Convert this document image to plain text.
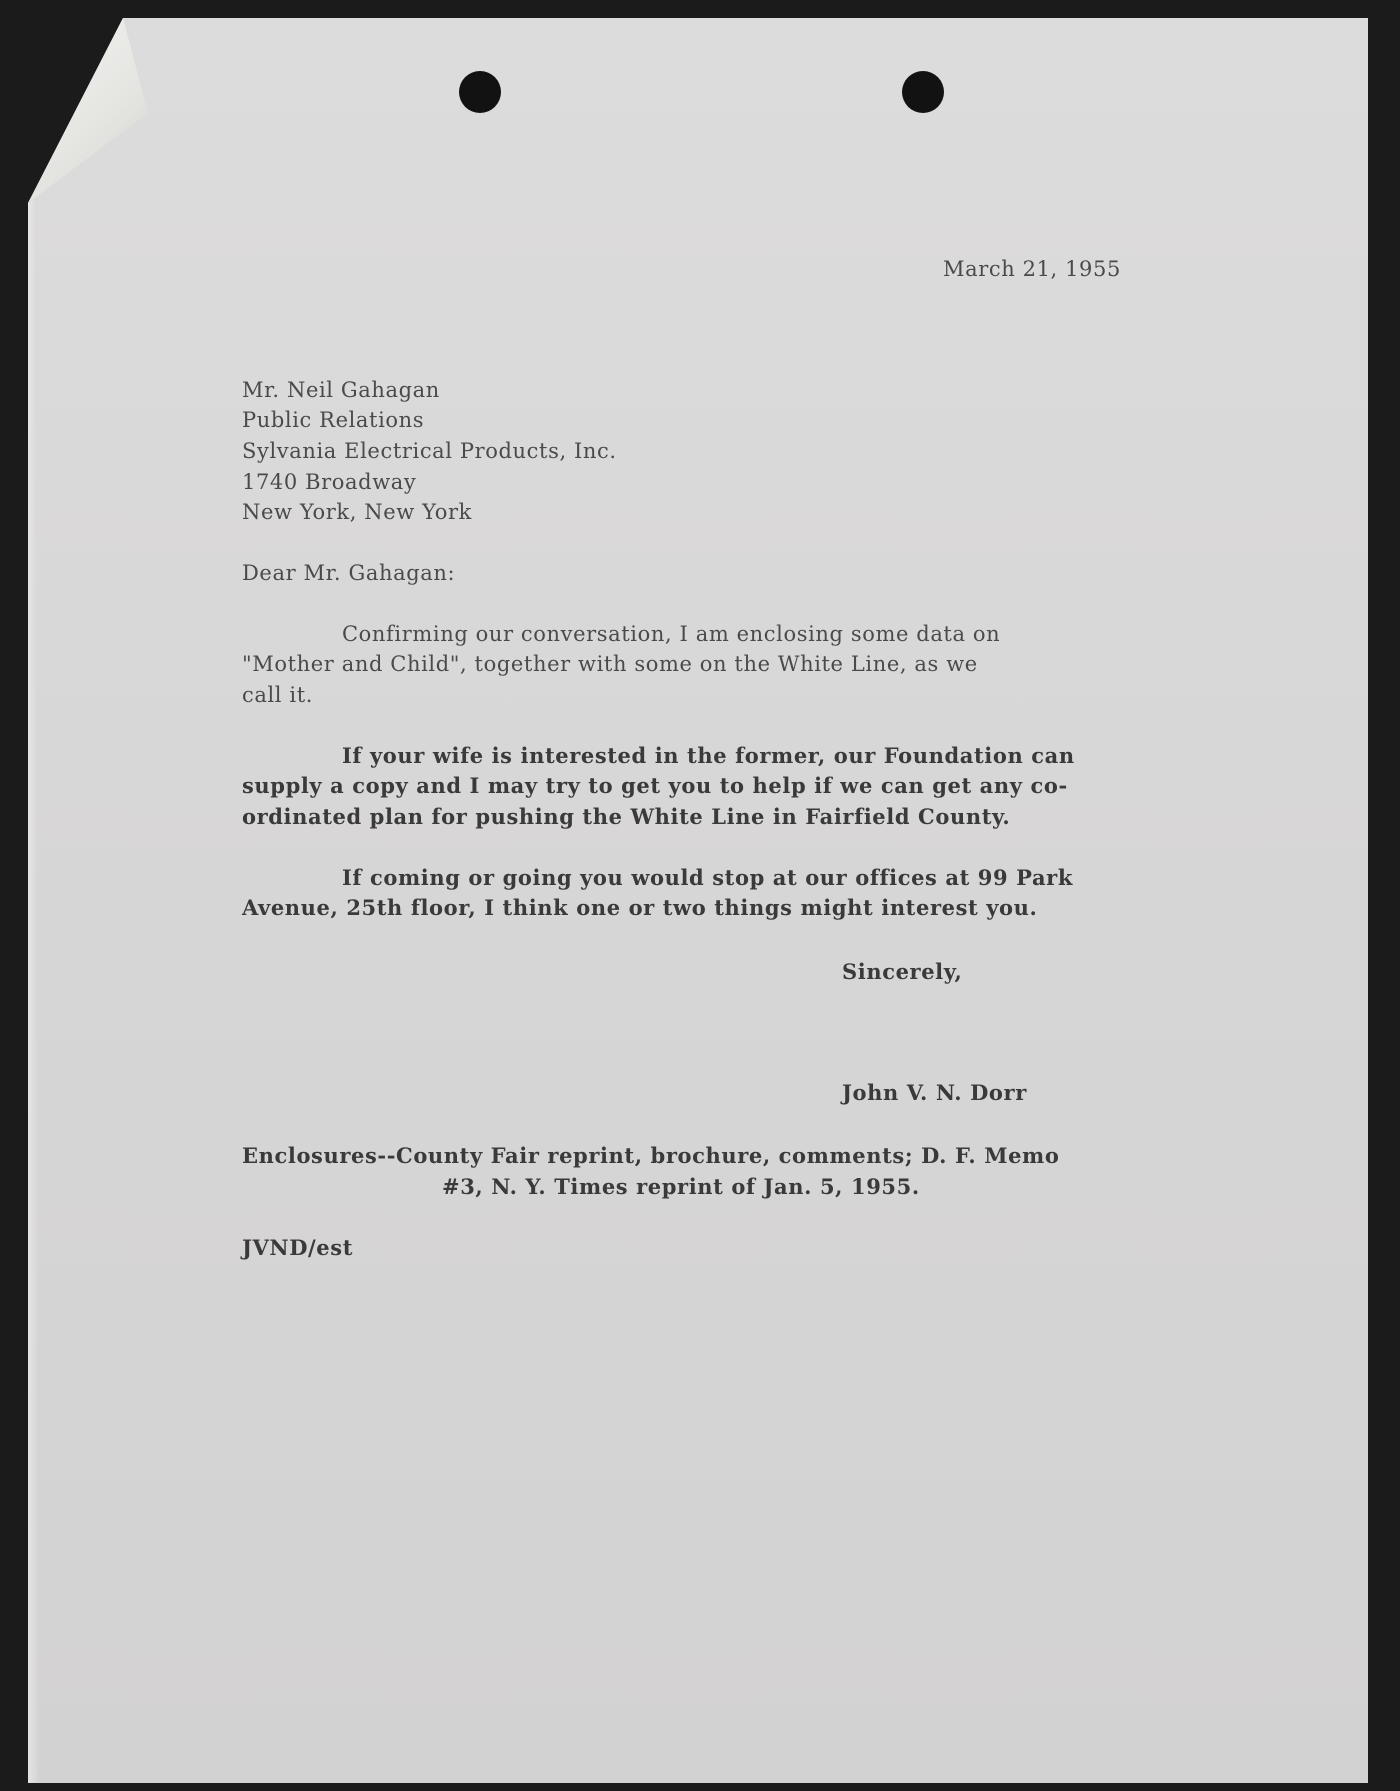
March 21, 1955
Mr. Neil Gahagan
Public Relations
Sylvania Electrical Products, Inc.
1740 Broadway
New York, New York
Dear Mr. Gahagan:
Confirming our conversation, I am enclosing some data on
"Mother and Child", together with some on the White Line, as we
call it.
If your wife is interested in the former, our Foundation can
supply a copy and I may try to get you to help if we can get any co-
ordinated plan for pushing the White Line in Fairfield County.
If coming or going you would stop at our offices at 99 Park
Avenue, 25th floor, I think one or two things might interest you.
Sincerely,
John V. N. Dorr
Enclosures--County Fair reprint, brochure, comments; D. F. Memo
#3, N. Y. Times reprint of Jan. 5, 1955.
JVND/est
